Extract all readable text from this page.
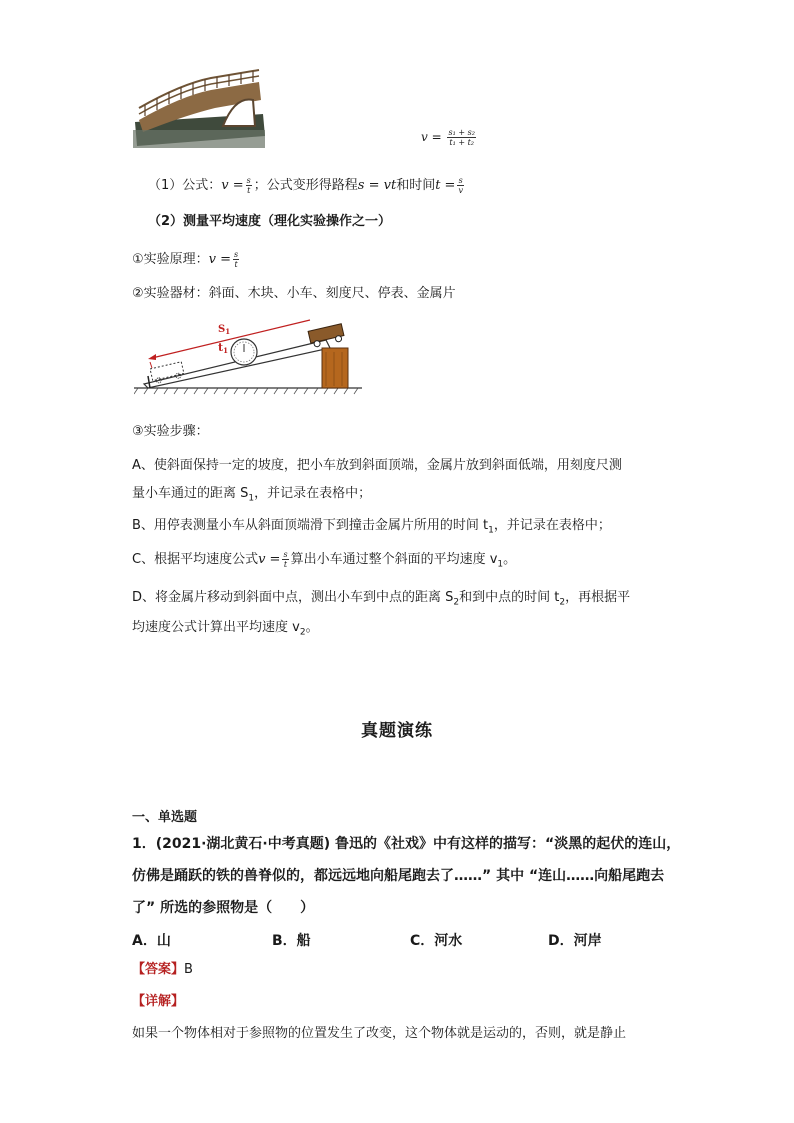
$v = \frac{\text{s₁ + s₂}}{\text{t₁ + t₂}}$
（1）公式：$v = \frac{s}{t}$ ；公式变形得路程s = vt和时间$t = \frac{s}{v}$
（2）测量平均速度（理化实验操作之一）
①实验原理：$v = \frac{s}{t}$
②实验器材：斜面、木块、小车、刻度尺、停表、金属片
$S_1$
t1
③实验步骤：
A、使斜面保持一定的坡度，把小车放到斜面顶端，金属片放到斜面低端，用刻度尺测
量小车通过的距离 $S_1$，并记录在表格中；
B、用停表测量小车从斜面顶端滑下到撞击金属片所用的时间 $t_1$，并记录在表格中；
C、根据平均速度公式$v = \frac{s}{t}$ 算出小车通过整个斜面的平均速度 $v_1$。
D、将金属片移动到斜面中点，测出小车到中点的距离 $S_2$和到中点的时间 $t_2$，再根据平
均速度公式计算出平均速度 $v_2$。
真题演练
一、单选题
1．(2021·湖北黄石·中考真题) 鲁迅的《社戏》中有这样的描写：“淡黑的起伏的连山，
仿佛是踊跃的铁的兽脊似的，都远远地向船尾跑去了……” 其中 “连山……向船尾跑去
了” 所选的参照物是（　　）
A．山	B．船	C．河水	D．河岸
【答案】B
【详解】
如果一个物体相对于参照物的位置发生了改变，这个物体就是运动的，否则，就是静止
